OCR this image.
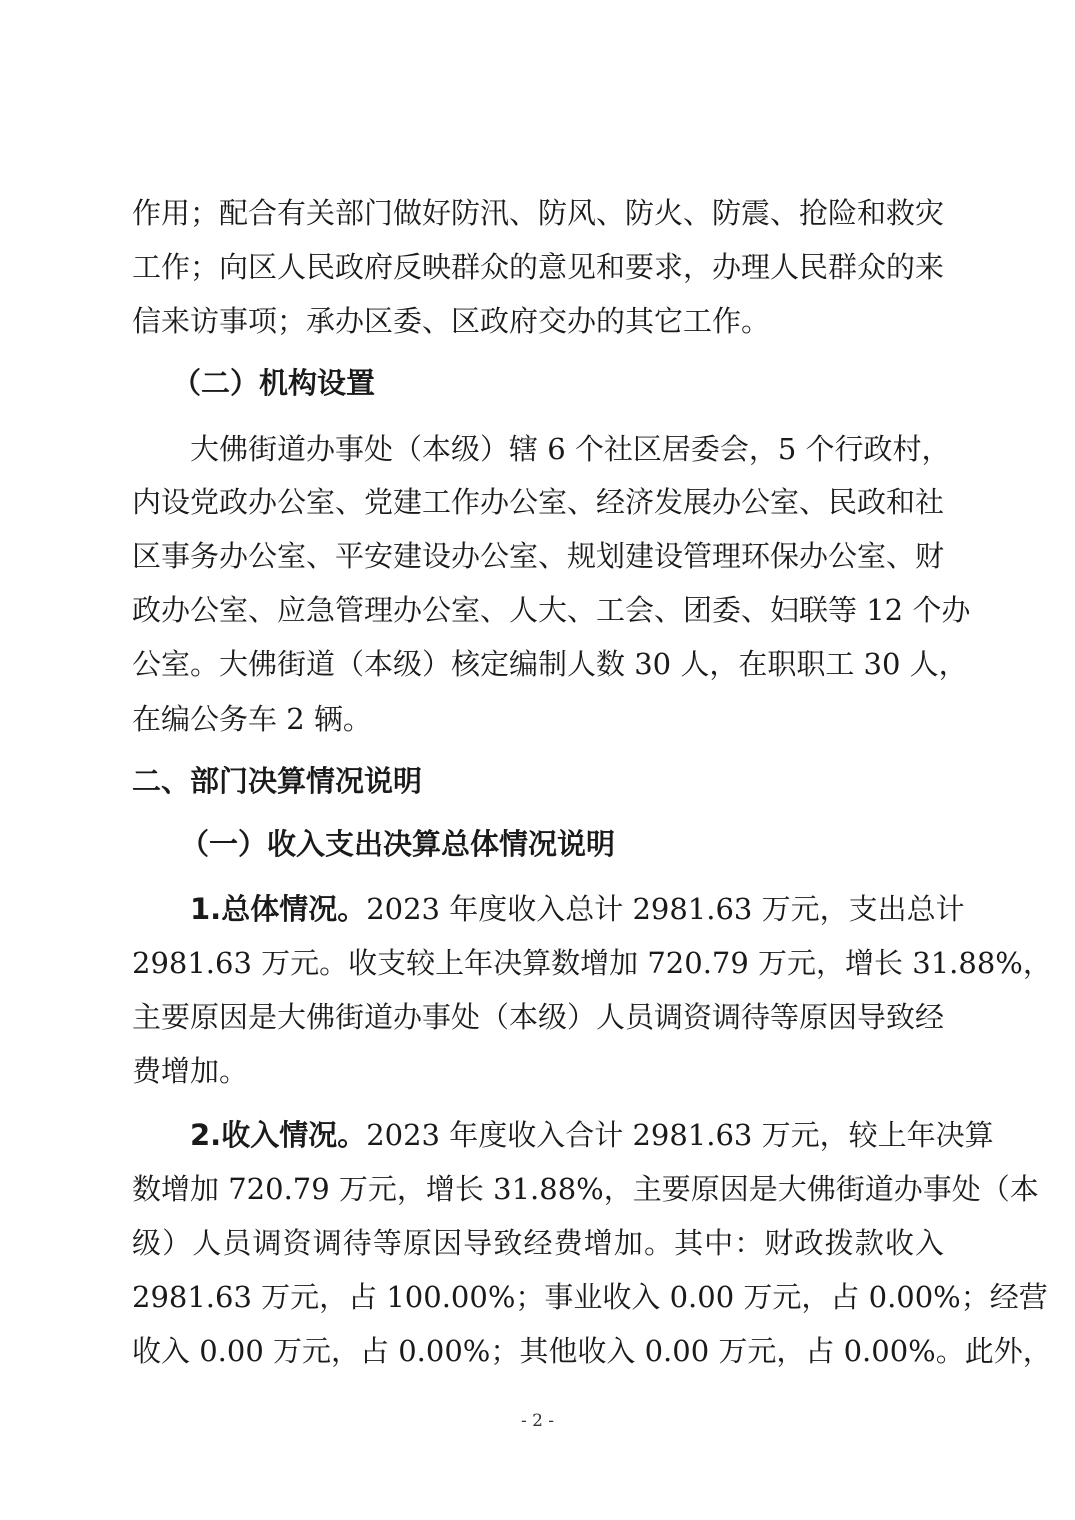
作用；配合有关部门做好防汛、防风、防火、防震、抢险和救灾
工作；向区人民政府反映群众的意见和要求，办理人民群众的来
信来访事项；承办区委、区政府交办的其它工作。
（二）机构设置
大佛街道办事处（本级）辖 6 个社区居委会，5 个行政村，
内设党政办公室、党建工作办公室、经济发展办公室、民政和社
区事务办公室、平安建设办公室、规划建设管理环保办公室、财
政办公室、应急管理办公室、人大、工会、团委、妇联等 12 个办
公室。大佛街道（本级）核定编制人数 30 人，在职职工 30 人，
在编公务车 2 辆。
二、部门决算情况说明
（一）收入支出决算总体情况说明
1.总体情况。2023 年度收入总计 2981.63 万元，支出总计
2981.63 万元。收支较上年决算数增加 720.79 万元，增长 31.88%，
主要原因是大佛街道办事处（本级）人员调资调待等原因导致经
费增加。
2.收入情况。2023 年度收入合计 2981.63 万元，较上年决算
数增加 720.79 万元，增长 31.88%，主要原因是大佛街道办事处（本
级）人员调资调待等原因导致经费增加。其中：财政拨款收入
2981.63 万元，占 100.00%；事业收入 0.00 万元，占 0.00%；经营
收入 0.00 万元，占 0.00%；其他收入 0.00 万元，占 0.00%。此外，
- 2 -
